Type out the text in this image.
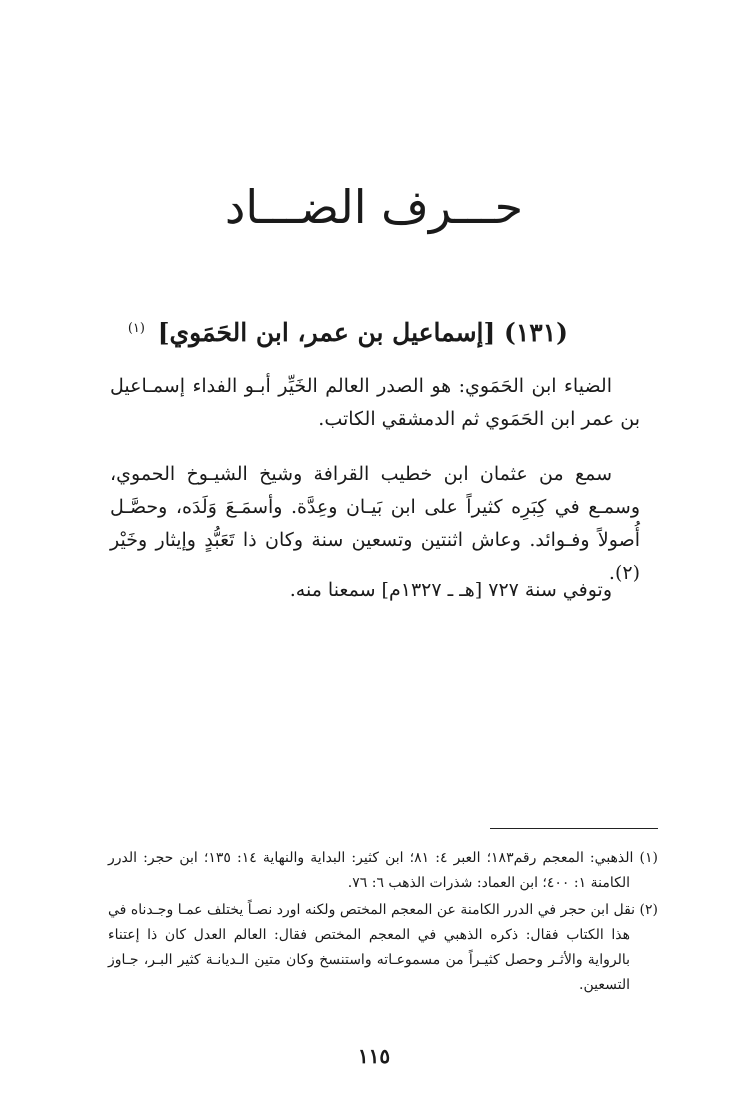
حـــرف الضـــاد
(١٣١) [إسماعيل بن عمر، ابن الحَمَوي] $^{(١)}$

الضياء ابن الحَمَوي: هو الصدر العالم الخَيِّر أبـو الفداء إسمـاعيل بن عمر ابن الحَمَوي ثم الدمشقي الكاتب.

سمع من عثمان ابن خطيب القرافة وشيخ الشيـوخ الحموي، وسمـع في كِبَرِه كثيراً على ابن بَيـان وعِدَّة. وأسمَـعَ وَلَدَه، وحصَّـل أُصولاً وفـوائد. وعاش اثنتين وتسعين سنة وكان ذا تَعَبُّدٍ وإيثار وخَيْر (٢).

وتوفي سنة ٧٢٧ [هـ ـ ١٣٢٧م] سمعنا منه.

(١) الذهبي: المعجم رقم١٨٣؛ العبر ٤: ٨١؛ ابن كثير: البداية والنهاية ١٤: ١٣٥؛ ابن حجر: الدرر الكامنة ١: ٤٠٠؛ ابن العماد: شذرات الذهب ٦: ٧٦.

(٢) نقل ابن حجر في الدرر الكامنة عن المعجم المختص ولكنه اورد نصـاً يختلف عمـا وجـدناه في هذا الكتاب فقال: ذكره الذهبي في المعجم المختص فقال: العالم العدل كان ذا إعتناء بالرواية والأثـر وحصل كثيـراً من مسموعـاته واستنسخ وكان متين الـديانـة كثير البـر، جـاوز التسعين.

١١٥
